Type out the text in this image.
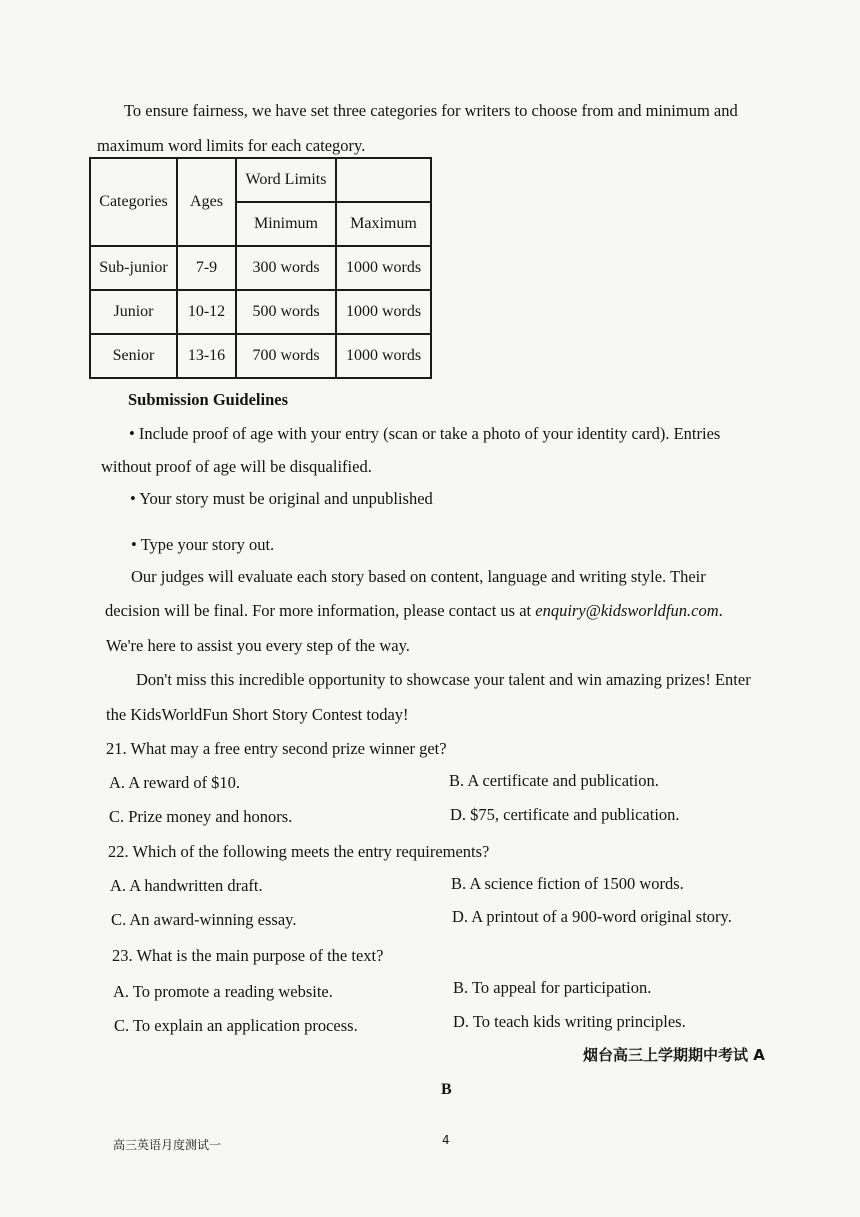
To ensure fairness, we have set three categories for writers to choose from and minimum and
maximum word limits for each category.
Categories	Ages	Word Limits	
		Minimum	Maximum
Sub-junior	7-9	300 words	1000 words
Junior	10-12	500 words	1000 words
Senior	13-16	700 words	1000 words
Submission Guidelines
• Include proof of age with your entry (scan or take a photo of your identity card). Entries
without proof of age will be disqualified.
• Your story must be original and unpublished
• Type your story out.
Our judges will evaluate each story based on content, language and writing style. Their
decision will be final. For more information, please contact us at enquiry@kidsworldfun.com.
We're here to assist you every step of the way.
Don't miss this incredible opportunity to showcase your talent and win amazing prizes! Enter
the KidsWorldFun Short Story Contest today!
21. What may a free entry second prize winner get?
A. A reward of $10.	B. A certificate and publication.
C. Prize money and honors.	D. $75, certificate and publication.
22. Which of the following meets the entry requirements?
A. A handwritten draft.	B. A science fiction of 1500 words.
C. An award-winning essay.	D. A printout of a 900-word original story.
23. What is the main purpose of the text?
A. To promote a reading website.	B. To appeal for participation.
C. To explain an application process.	D. To teach kids writing principles.
烟台高三上学期期中考试 A
B
高三英语月度测试一	4
